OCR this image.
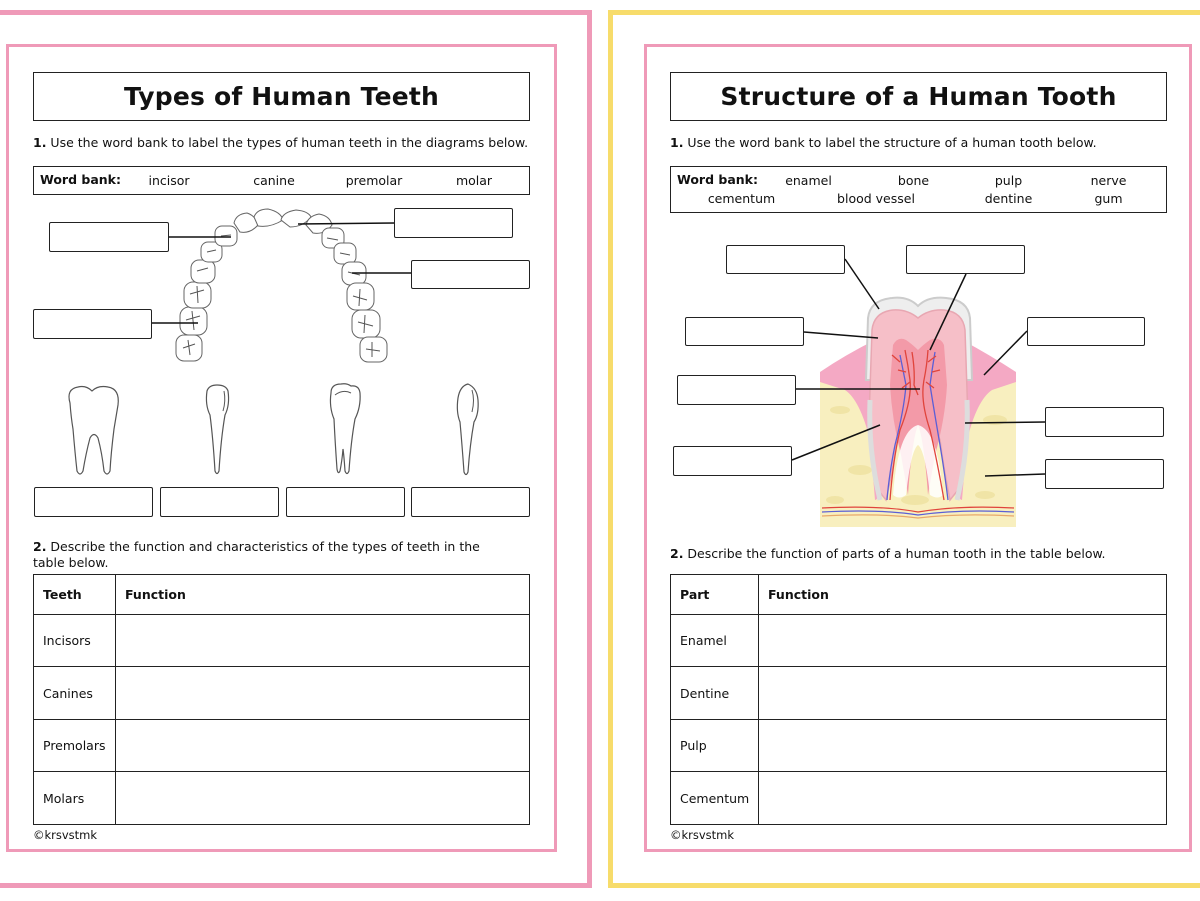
Types of Human Teeth
1. Use the word bank to label the types of human teeth in the diagrams below.
Word bank:	incisor	canine	premolar	molar
2. Describe the function and characteristics of the types of teeth in the table below.
Teeth	Function
Incisors	
Canines	
Premolars	
Molars	
©krsvstmk
Structure of a Human Tooth
1. Use the word bank to label the structure of a human tooth below.
Word bank:	enamel	bone	pulp	nerve
cementum	blood vessel	dentine	gum
2. Describe the function of parts of a human tooth in the table below.
Part	Function
Enamel	
Dentine	
Pulp	
Cementum	
©krsvstmk
